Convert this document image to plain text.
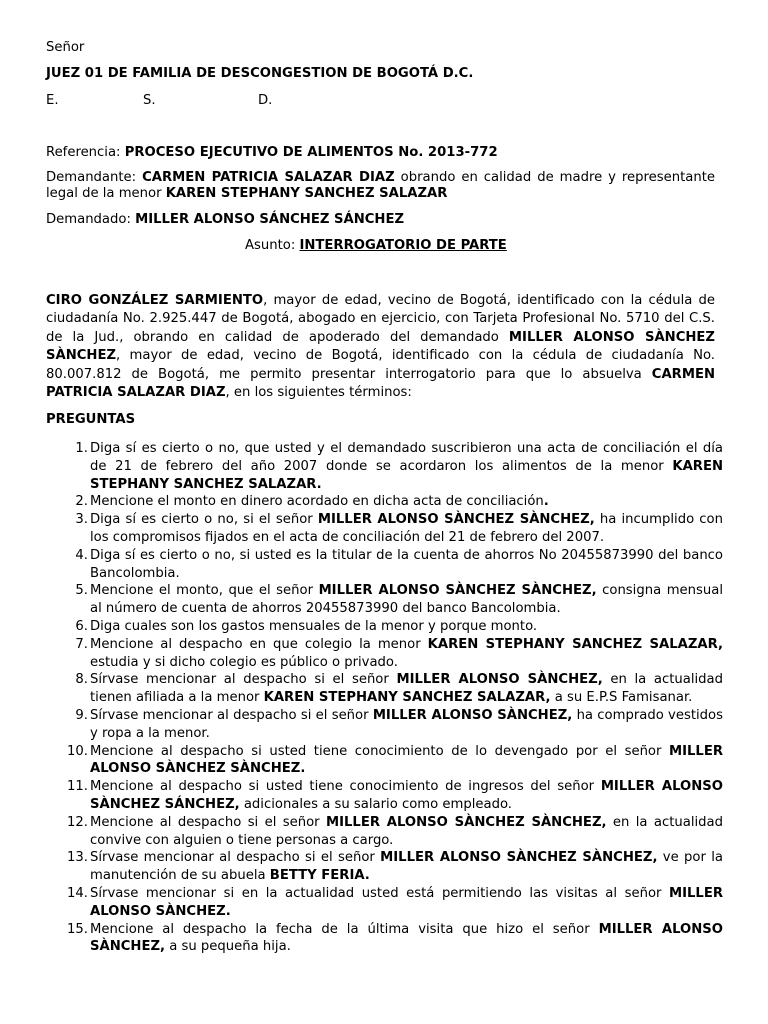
Señor
JUEZ 01 DE FAMILIA DE DESCONGESTION DE BOGOTÁ D.C.
E.	S.	D.
Referencia: PROCESO EJECUTIVO DE ALIMENTOS No. 2013-772
Demandante: CARMEN PATRICIA SALAZAR DIAZ obrando en calidad de madre y representante legal de la menor KAREN STEPHANY SANCHEZ SALAZAR
Demandado: MILLER ALONSO SÁNCHEZ SÁNCHEZ
Asunto: INTERROGATORIO DE PARTE
CIRO GONZÁLEZ SARMIENTO, mayor de edad, vecino de Bogotá, identificado con la cédula de ciudadanía No. 2.925.447 de Bogotá, abogado en ejercicio, con Tarjeta Profesional No. 5710 del C.S. de la Jud., obrando en calidad de apoderado del demandado MILLER ALONSO SÀNCHEZ SÀNCHEZ, mayor de edad, vecino de Bogotá, identificado con la cédula de ciudadanía No. 80.007.812 de Bogotá, me permito presentar interrogatorio para que lo absuelva CARMEN PATRICIA SALAZAR DIAZ, en los siguientes términos:
PREGUNTAS
1. Diga sí es cierto o no, que usted y el demandado suscribieron una acta de conciliación el día de 21 de febrero del año 2007 donde se acordaron los alimentos de la menor KAREN STEPHANY SANCHEZ SALAZAR.
2. Mencione el monto en dinero acordado en dicha acta de conciliación.
3. Diga sí es cierto o no, si el señor MILLER ALONSO SÀNCHEZ SÀNCHEZ, ha incumplido con los compromisos fijados en el acta de conciliación del 21 de febrero del 2007.
4. Diga sí es cierto o no, si usted es la titular de la cuenta de ahorros No 20455873990 del banco Bancolombia.
5. Mencione el monto, que el señor MILLER ALONSO SÀNCHEZ SÀNCHEZ, consigna mensual al número de cuenta de ahorros 20455873990 del banco Bancolombia.
6. Diga cuales son los gastos mensuales de la menor y porque monto.
7. Mencione al despacho en que colegio la menor KAREN STEPHANY SANCHEZ SALAZAR, estudia y si dicho colegio es público o privado.
8. Sírvase mencionar al despacho si el señor MILLER ALONSO SÀNCHEZ, en la actualidad tienen afiliada a la menor KAREN STEPHANY SANCHEZ SALAZAR, a su E.P.S Famisanar.
9. Sírvase mencionar al despacho si el señor MILLER ALONSO SÀNCHEZ, ha comprado vestidos y ropa a la menor.
10. Mencione al despacho si usted tiene conocimiento de lo devengado por el señor MILLER ALONSO SÀNCHEZ SÀNCHEZ.
11. Mencione al despacho si usted tiene conocimiento de ingresos del señor MILLER ALONSO SÀNCHEZ SÁNCHEZ, adicionales a su salario como empleado.
12. Mencione al despacho si el señor MILLER ALONSO SÀNCHEZ SÀNCHEZ, en la actualidad convive con alguien o tiene personas a cargo.
13. Sírvase mencionar al despacho si el señor MILLER ALONSO SÀNCHEZ SÀNCHEZ, ve por la manutención de su abuela BETTY FERIA.
14. Sírvase mencionar si en la actualidad usted está permitiendo las visitas al señor MILLER ALONSO SÀNCHEZ.
15. Mencione al despacho la fecha de la última visita que hizo el señor MILLER ALONSO SÀNCHEZ, a su pequeña hija.
